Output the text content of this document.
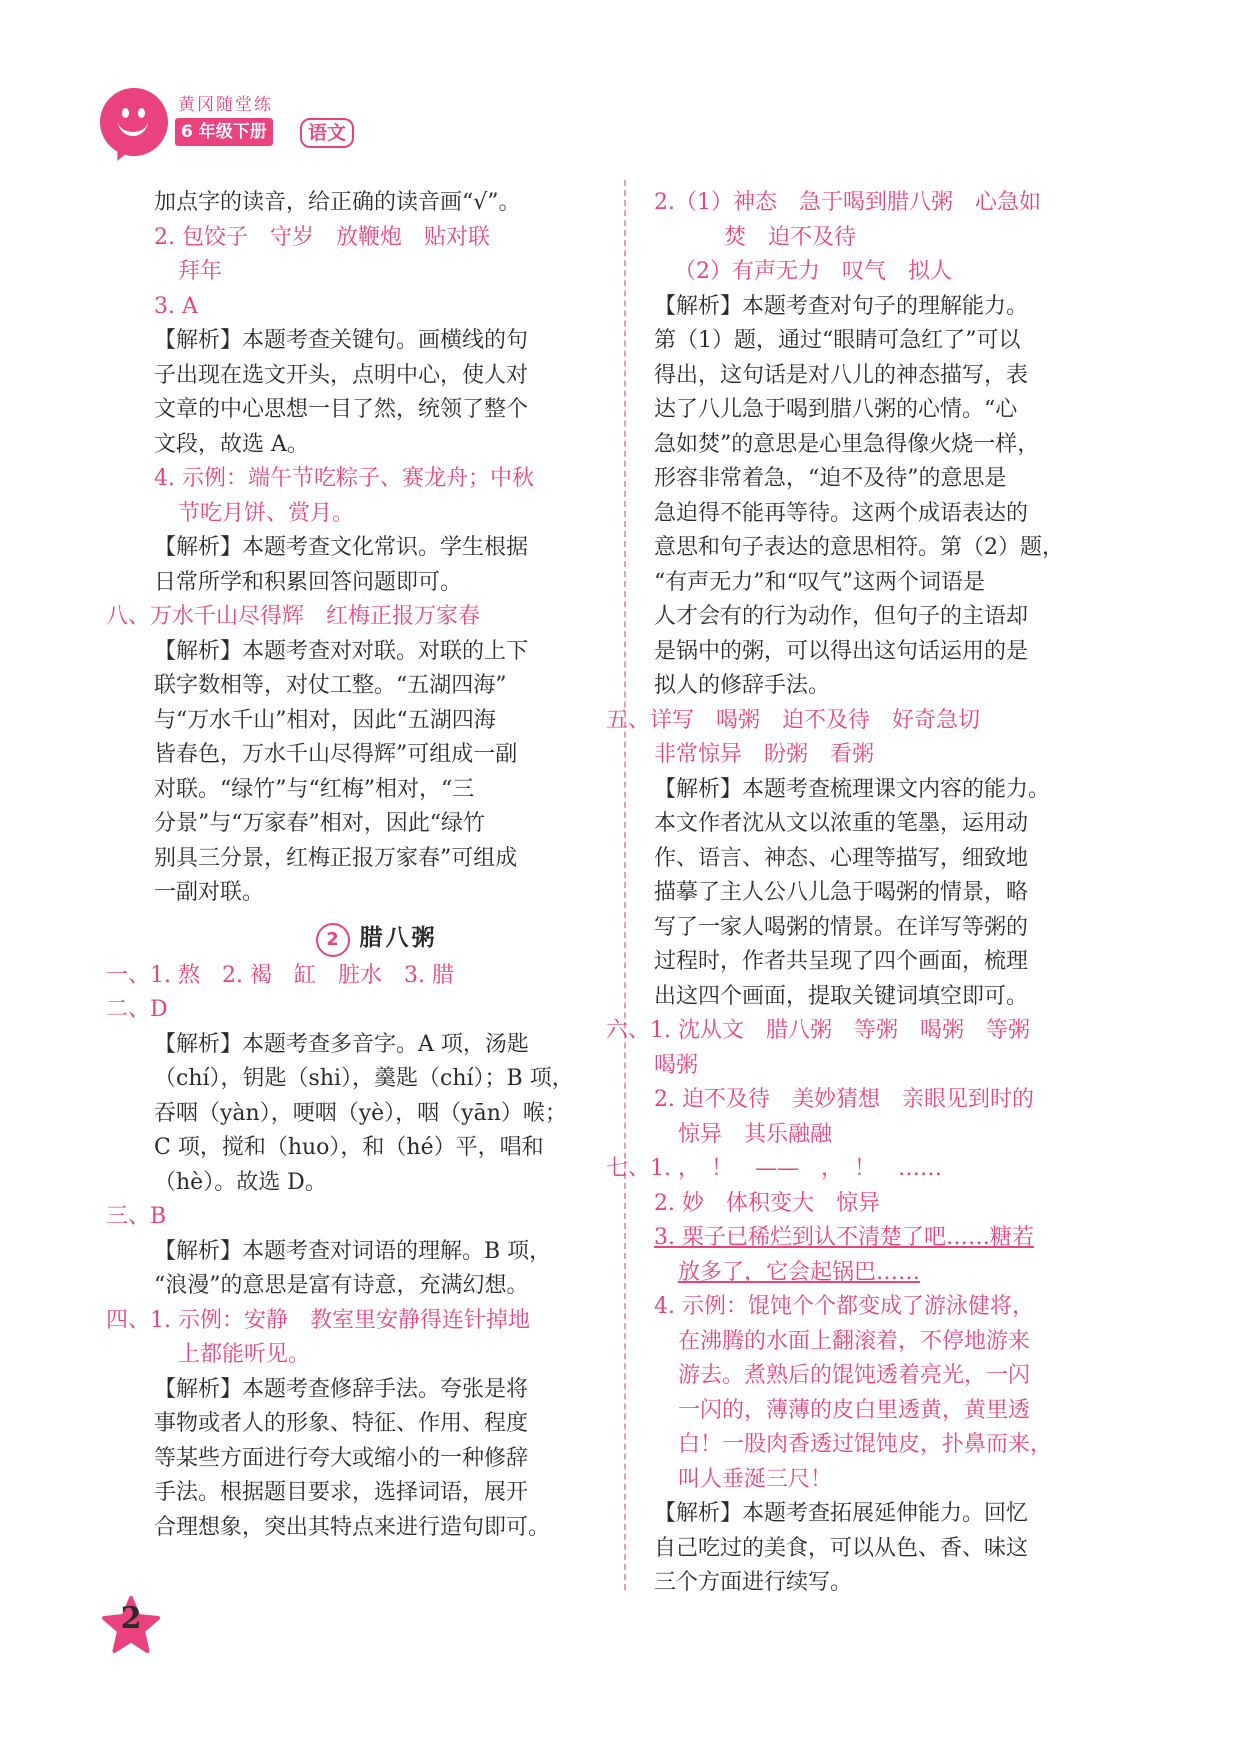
黄冈随堂练
6 年级下册	语文
加点字的读音，给正确的读音画“√”。
2. 包饺子　守岁　放鞭炮　贴对联
拜年
3. A
【解析】本题考查关键句。画横线的句
子出现在选文开头，点明中心，使人对
文章的中心思想一目了然，统领了整个
文段，故选 A。
4. 示例：端午节吃粽子、赛龙舟；中秋
节吃月饼、赏月。
【解析】本题考查文化常识。学生根据
日常所学和积累回答问题即可。
八、万水千山尽得辉　红梅正报万家春
【解析】本题考查对对联。对联的上下
联字数相等，对仗工整。“五湖四海”
与“万水千山”相对，因此“五湖四海
皆春色，万水千山尽得辉”可组成一副
对联。“绿竹”与“红梅”相对，“三
分景”与“万家春”相对，因此“绿竹
别具三分景，红梅正报万家春”可组成
一副对联。
2 腊八粥
一、1. 熬　2. 褐　缸　脏水　3. 腊
二、D
【解析】本题考查多音字。A 项，汤匙
（chí），钥匙（shi），羹匙（chí）；B 项，
吞咽（yàn），哽咽（yè），咽（yān）喉；
C 项，搅和（huo），和（hé）平，唱和
（hè）。故选 D。
三、B
【解析】本题考查对词语的理解。B 项，
“浪漫”的意思是富有诗意，充满幻想。
四、1. 示例：安静　教室里安静得连针掉地
上都能听见。
【解析】本题考查修辞手法。夸张是将
事物或者人的形象、特征、作用、程度
等某些方面进行夸大或缩小的一种修辞
手法。根据题目要求，选择词语，展开
合理想象，突出其特点来进行造句即可。
2.（1）神态　急于喝到腊八粥　心急如
焚　迫不及待
（2）有声无力　叹气　拟人
【解析】本题考查对句子的理解能力。
第（1）题，通过“眼睛可急红了”可以
得出，这句话是对八儿的神态描写，表
达了八儿急于喝到腊八粥的心情。“心
急如焚”的意思是心里急得像火烧一样，
形容非常着急，“迫不及待”的意思是
急迫得不能再等待。这两个成语表达的
意思和句子表达的意思相符。第（2）题，
“有声无力”和“叹气”这两个词语是
人才会有的行为动作，但句子的主语却
是锅中的粥，可以得出这句话运用的是
拟人的修辞手法。
五、详写　喝粥　迫不及待　好奇急切
非常惊异　盼粥　看粥
【解析】本题考查梳理课文内容的能力。
本文作者沈从文以浓重的笔墨，运用动
作、语言、神态、心理等描写，细致地
描摹了主人公八儿急于喝粥的情景，略
写了一家人喝粥的情景。在详写等粥的
过程时，作者共呈现了四个画面，梳理
出这四个画面，提取关键词填空即可。
六、1. 沈从文　腊八粥　等粥　喝粥　等粥
喝粥
2. 迫不及待　美妙猜想　亲眼见到时的
惊异　其乐融融
七、1. ，　！　——　，　！　……
2. 妙　体积变大　惊异
3. 栗子已稀烂到认不清楚了吧……糖若
放多了，它会起锅巴……
4. 示例：馄饨个个都变成了游泳健将，
在沸腾的水面上翻滚着，不停地游来
游去。煮熟后的馄饨透着亮光，一闪
一闪的，薄薄的皮白里透黄，黄里透
白！一股肉香透过馄饨皮，扑鼻而来，
叫人垂涎三尺！
【解析】本题考查拓展延伸能力。回忆
自己吃过的美食，可以从色、香、味这
三个方面进行续写。
2
